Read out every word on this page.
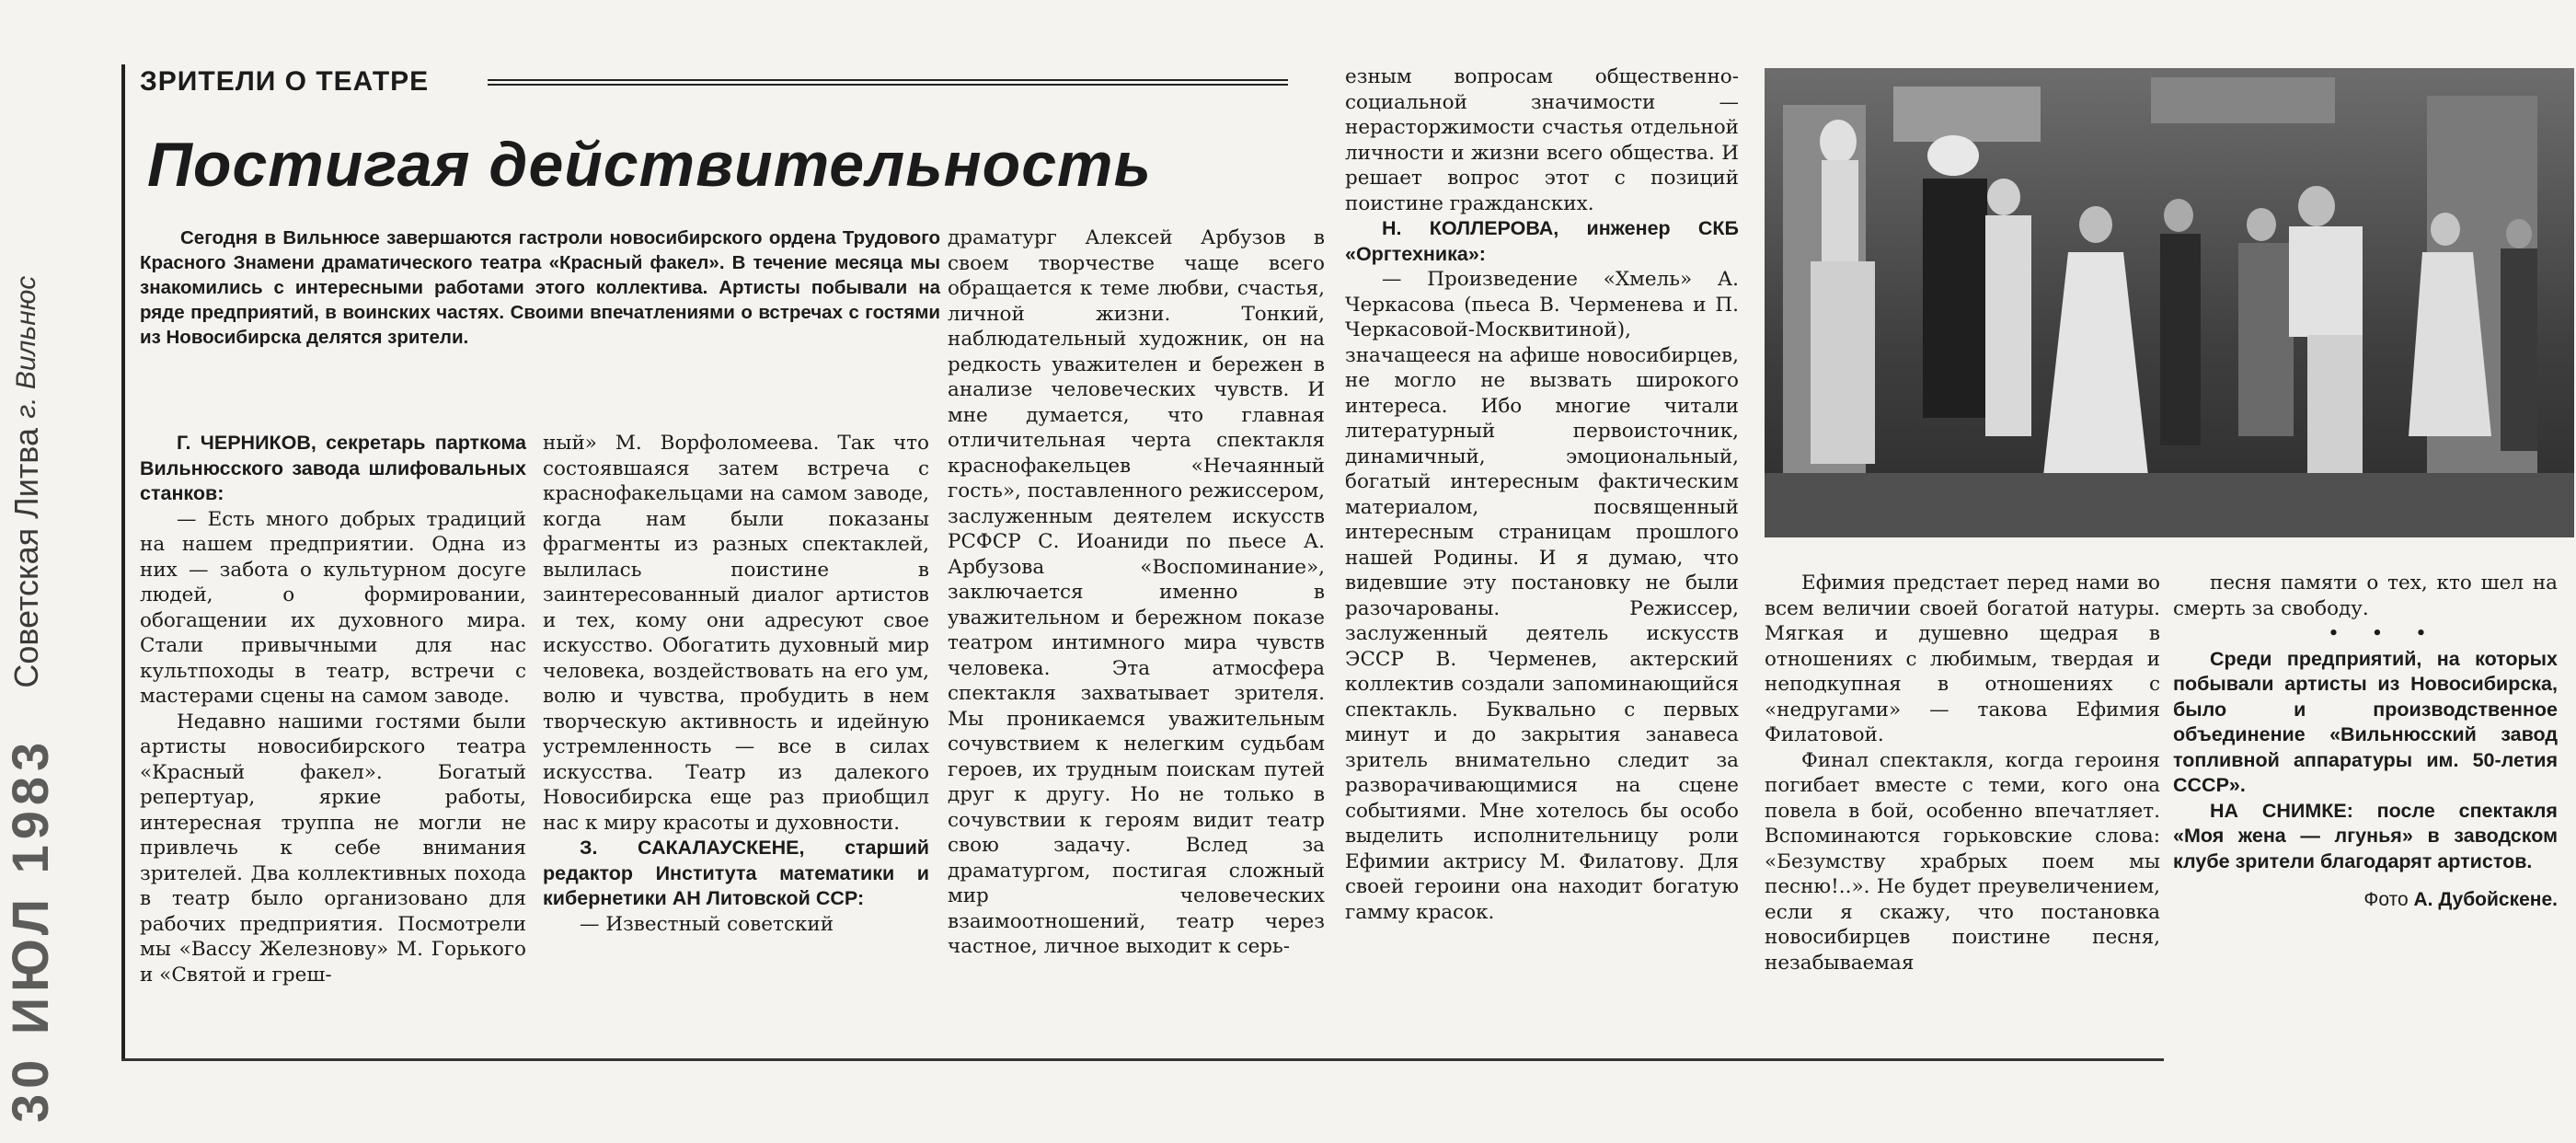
Советская Литва г. Вильнюс
30 ИЮЛ 1983
ЗРИТЕЛИ О ТЕАТРЕ
Постигая действительность
Сегодня в Вильнюсе завершаются гастроли новосибирского ордена Трудового Красного Знамени драматического театра «Красный факел». В течение месяца мы знакомились с интересными работами этого коллектива. Артисты побывали на ряде предприятий, в воинских частях. Своими впечатлениями о встречах с гостями из Новосибирска делятся зрители.

Г. ЧЕРНИКОВ, секретарь парткома Вильнюсского завода шлифовальных станков:

— Есть много добрых традиций на нашем предприятии. Одна из них — забота о культурном досуге людей, о формировании, обогащении их духовного мира. Стали привычными для нас культпоходы в театр, встречи с мастерами сцены на самом заводе.

Недавно нашими гостями были артисты новосибирского театра «Красный факел». Богатый репертуар, яркие работы, интересная труппа не могли не привлечь к себе внимания зрителей. Два коллективных похода в театр было организовано для рабочих предприятия. Посмотрели мы «Вассу Железнову» М. Горького и «Святой и греш-

ный» М. Ворфоломеева. Так что состоявшаяся затем встреча с краснофакельцами на самом заводе, когда нам были показаны фрагменты из разных спектаклей, вылилась поистине в заинтересованный диалог артистов и тех, кому они адресуют свое искусство. Обогатить духовный мир человека, воздействовать на его ум, волю и чувства, пробудить в нем творческую активность и идейную устремленность — все в силах искусства. Театр из далекого Новосибирска еще раз приобщил нас к миру красоты и духовности.

З. САКАЛАУСКЕНЕ, старший редактор Института математики и кибернетики АН Литовской ССР:

— Известный советский

драматург Алексей Арбузов в своем творчестве чаще всего обращается к теме любви, счастья, личной жизни. Тонкий, наблюдательный художник, он на редкость уважителен и бережен в анализе человеческих чувств. И мне думается, что главная отличительная черта спектакля краснофакельцев «Нечаянный гость», поставленного режиссером, заслуженным деятелем искусств РСФСР С. Иоаниди по пьесе А. Арбузова «Воспоминание», заключается именно в уважительном и бережном показе театром интимного мира чувств человека. Эта атмосфера спектакля захватывает зрителя. Мы проникаемся уважительным сочувствием к нелегким судьбам героев, их трудным поискам путей друг к другу. Но не только в сочувствии к героям видит театр свою задачу. Вслед за драматургом, постигая сложный мир человеческих взаимоотношений, театр через частное, личное выходит к серь-

езным вопросам общественно-социальной значимости — нерасторжимости счастья отдельной личности и жизни всего общества. И решает вопрос этот с позиций поистине гражданских.

Н. КОЛЛЕРОВА, инженер СКБ «Оргтехника»:

— Произведение «Хмель» А. Черкасова (пьеса В. Черменева и П. Черкасовой-Москвитиной), значащееся на афише новосибирцев, не могло не вызвать широкого интереса. Ибо многие читали литературный первоисточник, динамичный, эмоциональный, богатый интересным фактическим материалом, посвященный интересным страницам прошлого нашей Родины. И я думаю, что видевшие эту постановку не были разочарованы. Режиссер, заслуженный деятель искусств ЭССР В. Черменев, актерский коллектив создали запоминающийся спектакль. Буквально с первых минут и до закрытия занавеса зритель внимательно следит за разворачивающимися на сцене событиями. Мне хотелось бы особо выделить исполнительницу роли Ефимии актрису М. Филатову. Для своей героини она находит богатую гамму красок.

Ефимия предстает перед нами во всем величии своей богатой натуры. Мягкая и душевно щедрая в отношениях с любимым, твердая и неподкупная в отношениях с «недругами» — такова Ефимия Филатовой.

Финал спектакля, когда героиня погибает вместе с теми, кого она повела в бой, особенно впечатляет. Вспоминаются горьковские слова: «Безумству храбрых поем мы песню!..». Не будет преувеличением, если я скажу, что постановка новосибирцев поистине песня, незабываемая

песня памяти о тех, кто шел на смерть за свободу.

• • •

Среди предприятий, на которых побывали артисты из Новосибирска, было и производственное объединение «Вильнюсский завод топливной аппаратуры им. 50-летия СССР».

НА СНИМКЕ: после спектакля «Моя жена — лгунья» в заводском клубе зрители благодарят артистов.

Фото А. Дубойскене.
